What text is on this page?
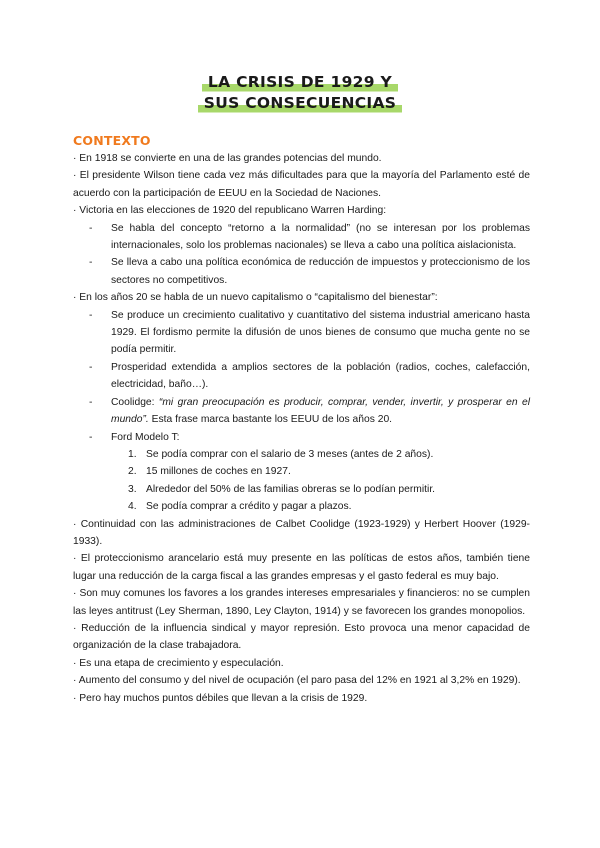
LA CRISIS DE 1929 Y
SUS CONSECUENCIAS
CONTEXTO

· En 1918 se convierte en una de las grandes potencias del mundo.

· El presidente Wilson tiene cada vez más dificultades para que la mayoría del Parlamento esté de acuerdo con la participación de EEUU en la Sociedad de Naciones.

· Victoria en las elecciones de 1920 del republicano Warren Harding:

-	Se habla del concepto “retorno a la normalidad” (no se interesan por los problemas internacionales, solo los problemas nacionales) se lleva a cabo una política aislacionista.
-	Se lleva a cabo una política económica de reducción de impuestos y proteccionismo de los sectores no competitivos.

· En los años 20 se habla de un nuevo capitalismo o “capitalismo del bienestar”:

-	Se produce un crecimiento cualitativo y cuantitativo del sistema industrial americano hasta 1929. El fordismo permite la difusión de unos bienes de consumo que mucha gente no se podía permitir.
-	Prosperidad extendida a amplios sectores de la población (radios, coches, calefacción, electricidad, baño…).
-	Coolidge: “mi gran preocupación es producir, comprar, vender, invertir, y prosperar en el mundo”. Esta frase marca bastante los EEUU de los años 20.
-	Ford Modelo T:
1. Se podía comprar con el salario de 3 meses (antes de 2 años).
2. 15 millones de coches en 1927.
3. Alrededor del 50% de las familias obreras se lo podían permitir.
4. Se podía comprar a crédito y pagar a plazos.

· Continuidad con las administraciones de Calbet Coolidge (1923-1929) y Herbert Hoover (1929-1933).

· El proteccionismo arancelario está muy presente en las políticas de estos años, también tiene lugar una reducción de la carga fiscal a las grandes empresas y el gasto federal es muy bajo.

· Son muy comunes los favores a los grandes intereses empresariales y financieros: no se cumplen las leyes antitrust (Ley Sherman, 1890, Ley Clayton, 1914) y se favorecen los grandes monopolios.

· Reducción de la influencia sindical y mayor represión. Esto provoca una menor capacidad de organización de la clase trabajadora.

· Es una etapa de crecimiento y especulación.

· Aumento del consumo y del nivel de ocupación (el paro pasa del 12% en 1921 al 3,2% en 1929).

· Pero hay muchos puntos débiles que llevan a la crisis de 1929.
